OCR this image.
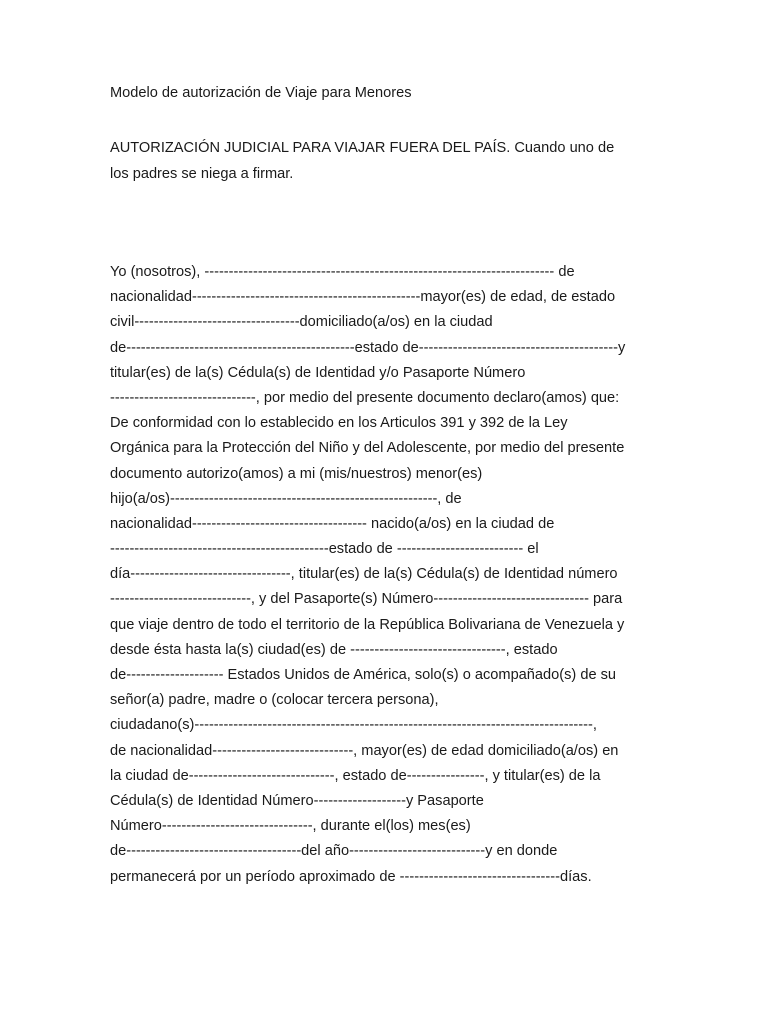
Modelo de autorización de Viaje para Menores
AUTORIZACIÓN JUDICIAL PARA VIAJAR FUERA DEL PAÍS. Cuando uno de
los padres se niega a firmar.
Yo (nosotros), ------------------------------------------------------------------------ de
nacionalidad-----------------------------------------------mayor(es) de edad, de estado
civil----------------------------------domiciliado(a/os) en la ciudad
de-----------------------------------------------estado de-----------------------------------------y
titular(es) de la(s) Cédula(s) de Identidad y/o Pasaporte Número
------------------------------, por medio del presente documento declaro(amos) que:
De conformidad con lo establecido en los Articulos 391 y 392 de la Ley
Orgánica para la Protección del Niño y del Adolescente, por medio del presente
documento autorizo(amos) a mi (mis/nuestros) menor(es)
hijo(a/os)-------------------------------------------------------, de
nacionalidad------------------------------------ nacido(a/os) en la ciudad de
---------------------------------------------estado de -------------------------- el
día---------------------------------, titular(es) de la(s) Cédula(s) de Identidad número
-----------------------------, y del Pasaporte(s) Número-------------------------------- para
que viaje dentro de todo el territorio de la República Bolivariana de Venezuela y
desde ésta hasta la(s) ciudad(es) de --------------------------------, estado
de-------------------- Estados Unidos de América, solo(s) o acompañado(s) de su
señor(a) padre, madre o (colocar tercera persona),
ciudadano(s)----------------------------------------------------------------------------------,
de nacionalidad-----------------------------, mayor(es) de edad domiciliado(a/os) en
la ciudad de------------------------------, estado de----------------, y titular(es) de la
Cédula(s) de Identidad Número-------------------y Pasaporte
Número-------------------------------, durante el(los) mes(es)
de------------------------------------del año----------------------------y en donde
permanecerá por un período aproximado de ---------------------------------días.
